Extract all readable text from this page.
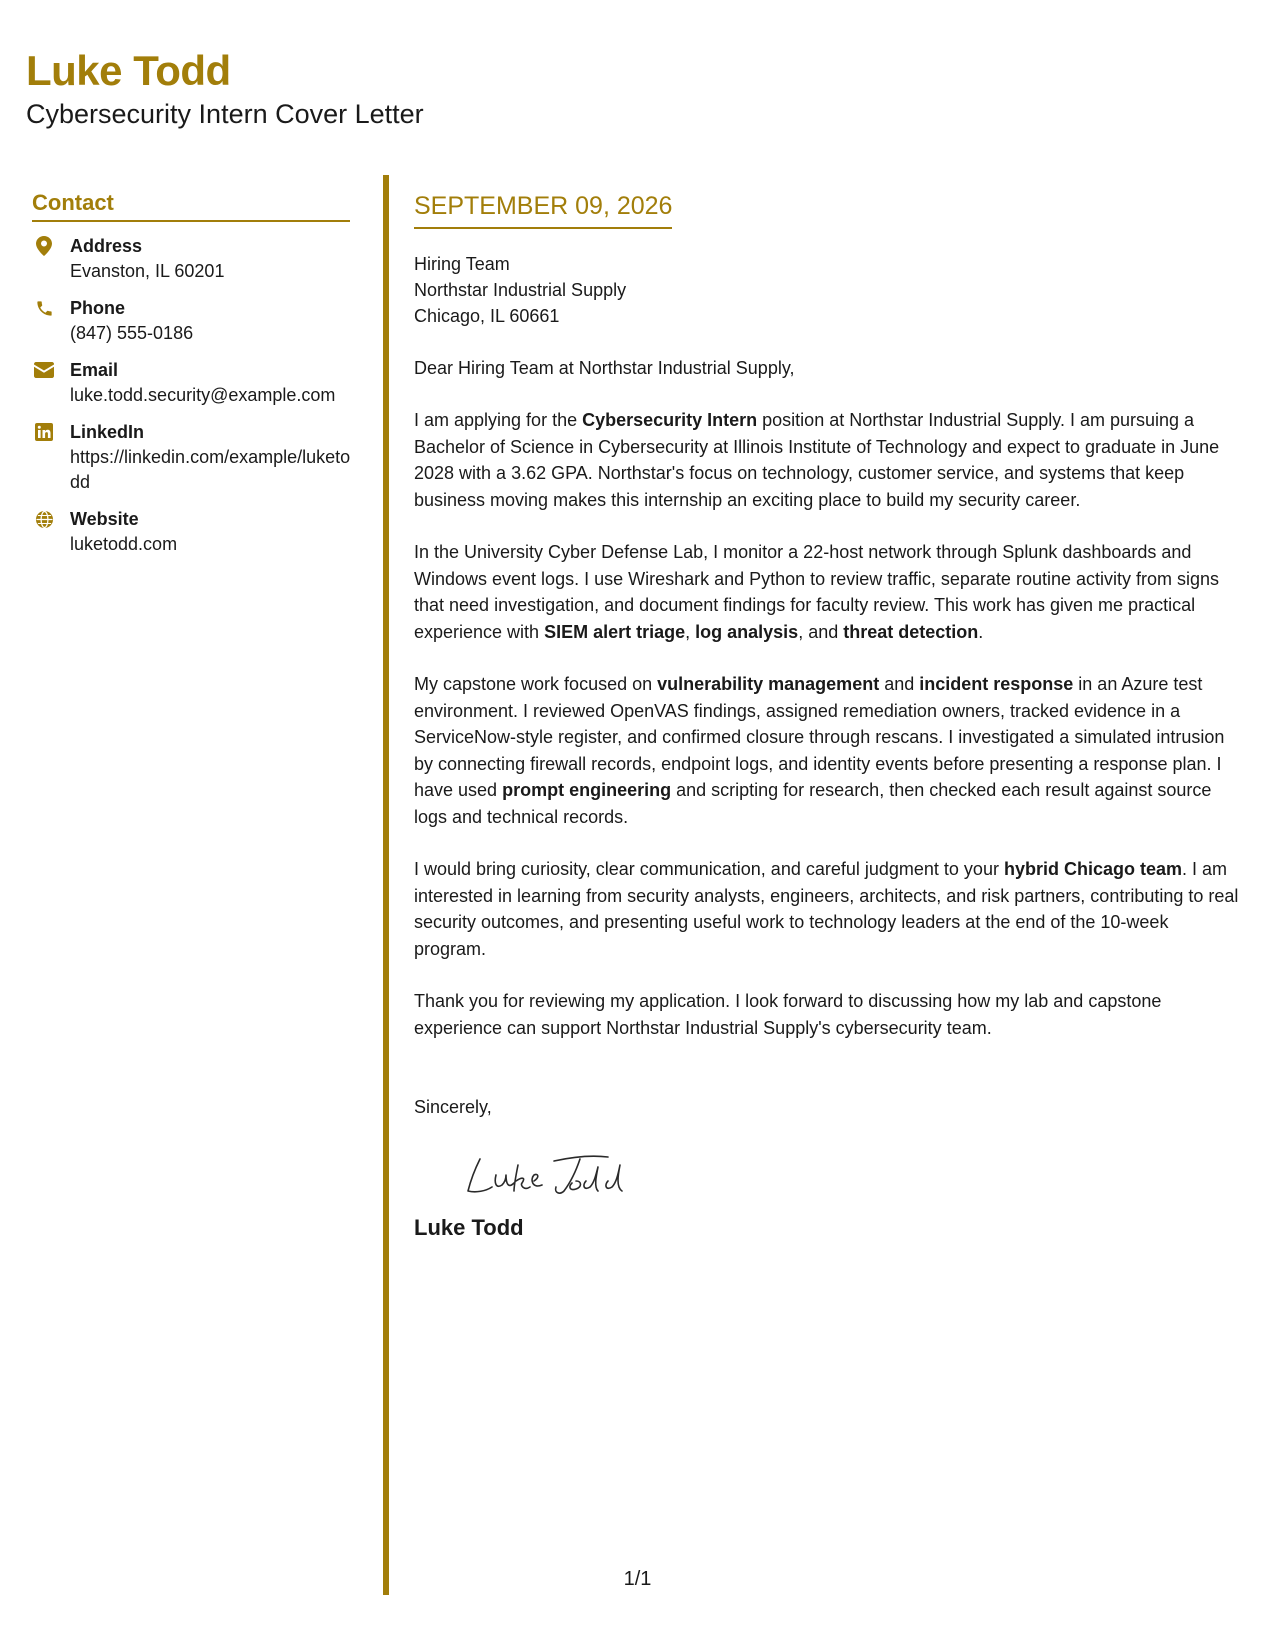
Luke Todd
Cybersecurity Intern Cover Letter
Contact
Address
Evanston, IL 60201
Phone
(847) 555-0186
Email
luke.todd.security@example.com
LinkedIn
https://linkedin.com/example/luketodd
Website
luketodd.com
SEPTEMBER 09, 2026
Hiring Team
Northstar Industrial Supply
Chicago, IL 60661
Dear Hiring Team at Northstar Industrial Supply,

I am applying for the Cybersecurity Intern position at Northstar Industrial Supply. I am pursuing a Bachelor of Science in Cybersecurity at Illinois Institute of Technology and expect to graduate in June 2028 with a 3.62 GPA. Northstar's focus on technology, customer service, and systems that keep business moving makes this internship an exciting place to build my security career.

In the University Cyber Defense Lab, I monitor a 22-host network through Splunk dashboards and Windows event logs. I use Wireshark and Python to review traffic, separate routine activity from signs that need investigation, and document findings for faculty review. This work has given me practical experience with SIEM alert triage, log analysis, and threat detection.

My capstone work focused on vulnerability management and incident response in an Azure test environment. I reviewed OpenVAS findings, assigned remediation owners, tracked evidence in a ServiceNow-style register, and confirmed closure through rescans. I investigated a simulated intrusion by connecting firewall records, endpoint logs, and identity events before presenting a response plan. I have used prompt engineering and scripting for research, then checked each result against source logs and technical records.

I would bring curiosity, clear communication, and careful judgment to your hybrid Chicago team. I am interested in learning from security analysts, engineers, architects, and risk partners, contributing to real security outcomes, and presenting useful work to technology leaders at the end of the 10-week program.

Thank you for reviewing my application. I look forward to discussing how my lab and capstone experience can support Northstar Industrial Supply's cybersecurity team.

Sincerely,
Luke Todd
1/1
